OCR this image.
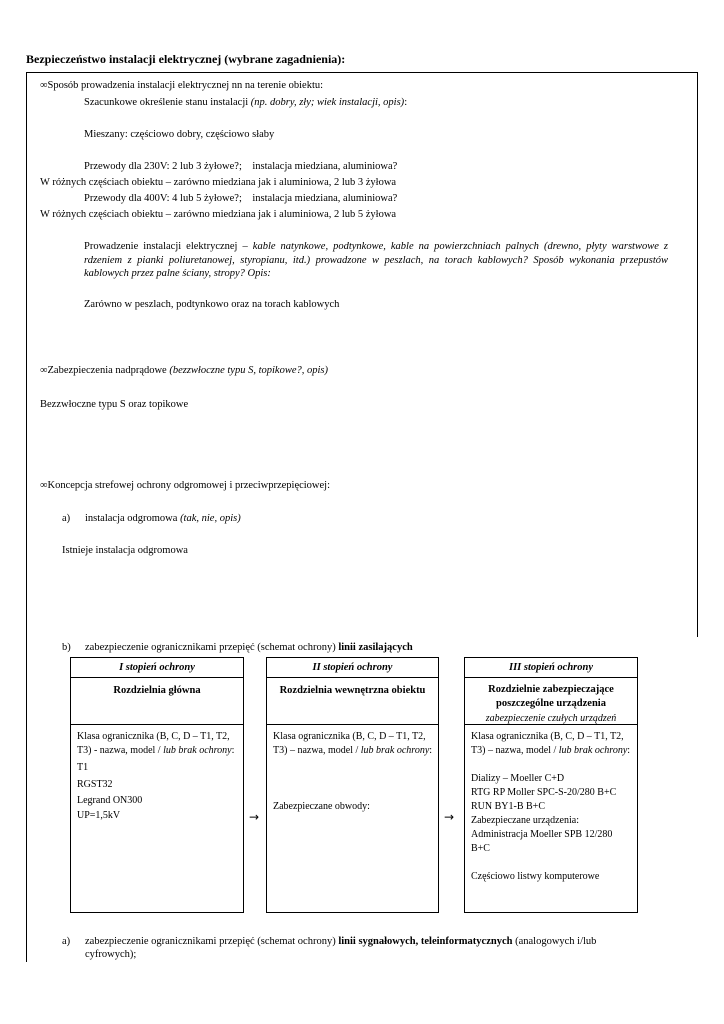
Bezpieczeństwo instalacji elektrycznej (wybrane zagadnienia):
∞Sposób prowadzenia instalacji elektrycznej nn na terenie obiektu:
Szacunkowe określenie stanu instalacji (np. dobry, zły; wiek instalacji, opis):
Mieszany: częściowo dobry, częściowo słaby
Przewody dla 230V: 2 lub 3 żyłowe?; instalacja miedziana, aluminiowa?
W różnych częściach obiektu – zarówno miedziana jak i aluminiowa, 2 lub 3 żyłowa
Przewody dla 400V: 4 lub 5 żyłowe?; instalacja miedziana, aluminiowa?
W różnych częściach obiektu – zarówno miedziana jak i aluminiowa, 2 lub 5 żyłowa
Prowadzenie instalacji elektrycznej – kable natynkowe, podtynkowe, kable na powierzchniach palnych (drewno, płyty warstwowe z rdzeniem z pianki poliuretanowej, styropianu, itd.) prowadzone w peszlach, na torach kablowych? Sposób wykonania przepustów kablowych przez palne ściany, stropy? Opis:
Zarówno w peszlach, podtynkowo oraz na torach kablowych
∞Zabezpieczenia nadprądowe (bezzwłoczne typu S, topikowe?, opis)
Bezzwłoczne typu S oraz topikowe
∞Koncepcja strefowej ochrony odgromowej i przeciwprzepięciowej:
a) instalacja odgromowa (tak, nie, opis)
Istnieje instalacja odgromowa
b) zabezpieczenie ogranicznikami przepięć (schemat ochrony) linii zasilających
I stopień ochrony
Rozdzielnia główna
Klasa ogranicznika (B, C, D – T1, T2,
T3) - nazwa, model / lub brak ochrony:
T1
RGST32
Legrand ON300
UP=1,5kV	→
II stopień ochrony
Rozdzielnia wewnętrzna obiektu
Klasa ogranicznika (B, C, D – T1, T2,
T3) – nazwa, model / lub brak ochrony:
Zabezpieczane obwody:
→
III stopień ochrony
Rozdzielnie zabezpieczające poszczególne urządzenia
zabezpieczenie czułych urządzeń
Klasa ogranicznika (B, C, D – T1, T2,
T3) – nazwa, model / lub brak ochrony:
Dializy – Moeller C+D
RTG RP Moller SPC-S-20/280 B+C
RUN BY1-B B+C
Zabezpieczane urządzenia:
Administracja Moeller SPB 12/280 B+C
Częściowo listwy komputerowe
a) zabezpieczenie ogranicznikami przepięć (schemat ochrony) linii sygnałowych, teleinformatycznych (analogowych i/lub
cyfrowych);
